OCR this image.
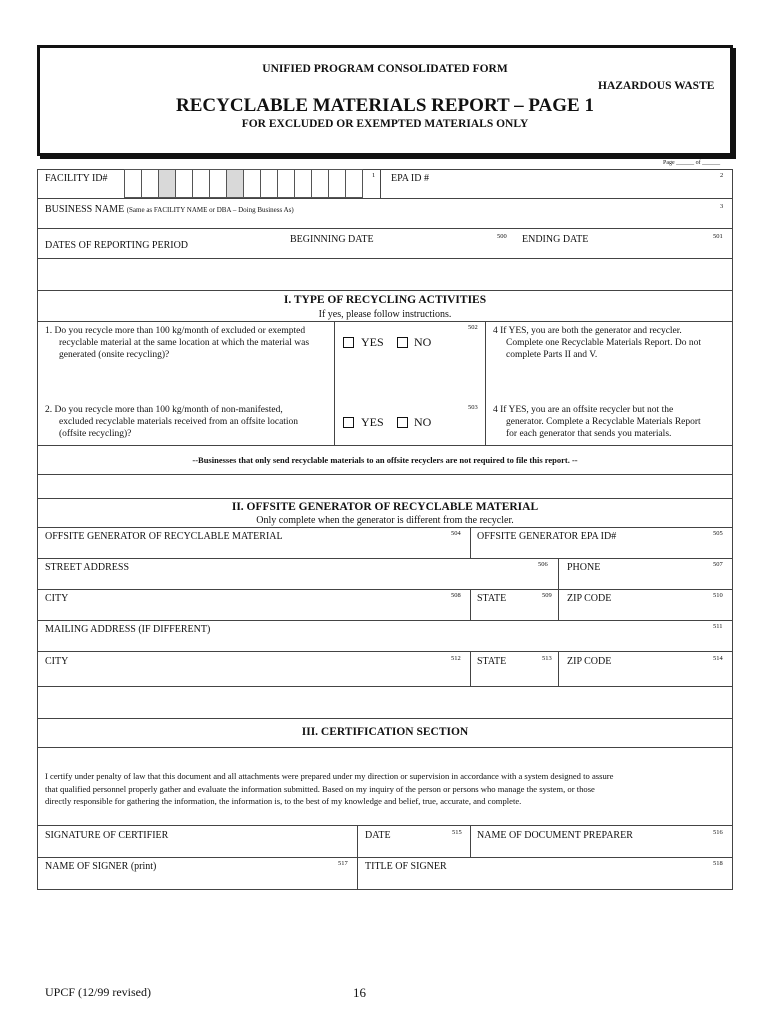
UNIFIED PROGRAM CONSOLIDATED FORM
HAZARDOUS WASTE
RECYCLABLE MATERIALS REPORT – PAGE 1
FOR EXCLUDED OR EXEMPTED MATERIALS ONLY
Page ______ of ______
FACILITY ID#	1 EPA ID #	2
BUSINESS NAME (Same as FACILITY NAME or DBA – Doing Business As)	3
DATES OF REPORTING PERIOD
BEGINNING DATE	500 ENDING DATE	501
I. TYPE OF RECYCLING ACTIVITIES
If yes, please follow instructions.
1. Do you recycle more than 100 kg/month of excluded or exempted
recyclable material at the same location at which the material was
generated (onsite recycling)?
502
YES	NO
4 If YES, you are both the generator and recycler.
Complete one Recyclable Materials Report. Do not
complete Parts II and V.
2. Do you recycle more than 100 kg/month of non-manifested,
excluded recyclable materials received from an offsite location
(offsite recycling)?
503
YES	NO
4 If YES, you are an offsite recycler but not the
generator. Complete a Recyclable Materials Report
for each generator that sends you materials.
--Businesses that only send recyclable materials to an offsite recyclers are not required to file this report. --
II. OFFSITE GENERATOR OF RECYCLABLE MATERIAL
Only complete when the generator is different from the recycler.
OFFSITE GENERATOR OF RECYCLABLE MATERIAL	504 OFFSITE GENERATOR EPA ID#	505
STREET ADDRESS	506 PHONE	507
CITY	508 STATE	509 ZIP CODE	510
MAILING ADDRESS (IF DIFFERENT)	511
CITY	512 STATE	513 ZIP CODE	514
III. CERTIFICATION SECTION
I certify under penalty of law that this document and all attachments were prepared under my direction or supervision in accordance with a system designed to assure
that qualified personnel properly gather and evaluate the information submitted. Based on my inquiry of the person or persons who manage the system, or those
directly responsible for gathering the information, the information is, to the best of my knowledge and belief, true, accurate, and complete.
SIGNATURE OF CERTIFIER	DATE	515 NAME OF DOCUMENT PREPARER	516
NAME OF SIGNER (print)	517 TITLE OF SIGNER	518
UPCF (12/99 revised)	16
